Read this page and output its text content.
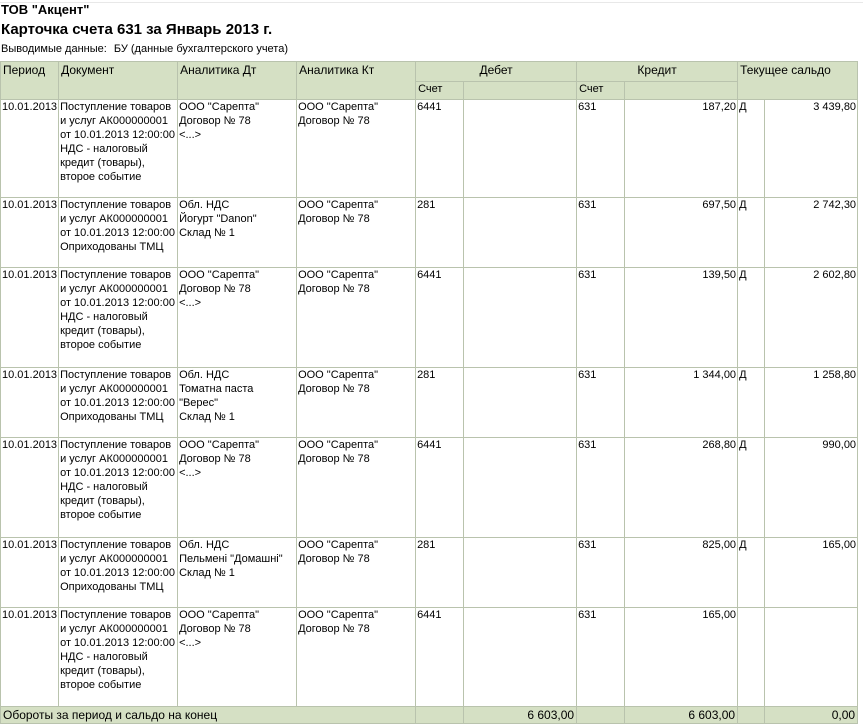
ТОВ "Акцент"
Карточка счета 631 за Январь 2013 г.
Выводимые данные: БУ (данные бухгалтерского учета)
Период	Документ	Аналитика Дт	Аналитика Кт	Дебет		Кредит		Текущее сальдо	
				Счет		Счет			
10.01.2013	Поступление товаров и услуг АК000000001 от 10.01.2013 12:00:00 НДС - налоговый кредит (товары), второе событие	ООО "Сарепта"
Договор № 78
<...>	ООО "Сарепта"
Договор № 78	6441		631	187,20	Д	3 439,80
10.01.2013	Поступление товаров и услуг АК000000001 от 10.01.2013 12:00:00 Оприходованы ТМЦ	Обл. НДС
Йогурт "Danon"
Склад № 1	ООО "Сарепта"
Договор № 78	281		631	697,50	Д	2 742,30
10.01.2013	Поступление товаров и услуг АК000000001 от 10.01.2013 12:00:00 НДС - налоговый кредит (товары), второе событие	ООО "Сарепта"
Договор № 78
<...>	ООО "Сарепта"
Договор № 78	6441		631	139,50	Д	2 602,80
10.01.2013	Поступление товаров и услуг АК000000001 от 10.01.2013 12:00:00 Оприходованы ТМЦ	Обл. НДС
Томатна паста "Верес"
Склад № 1	ООО "Сарепта"
Договор № 78	281		631	1 344,00	Д	1 258,80
10.01.2013	Поступление товаров и услуг АК000000001 от 10.01.2013 12:00:00 НДС - налоговый кредит (товары), второе событие	ООО "Сарепта"
Договор № 78
<...>	ООО "Сарепта"
Договор № 78	6441		631	268,80	Д	990,00
10.01.2013	Поступление товаров и услуг АК000000001 от 10.01.2013 12:00:00 Оприходованы ТМЦ	Обл. НДС
Пельмені "Домашні"
Склад № 1	ООО "Сарепта"
Договор № 78	281		631	825,00	Д	165,00
10.01.2013	Поступление товаров и услуг АК000000001 от 10.01.2013 12:00:00 НДС - налоговый кредит (товары), второе событие	ООО "Сарепта"
Договор № 78
<...>	ООО "Сарепта"
Договор № 78	6441		631	165,00		
Обороты за период и сальдо на конец					6 603,00		6 603,00		0,00
